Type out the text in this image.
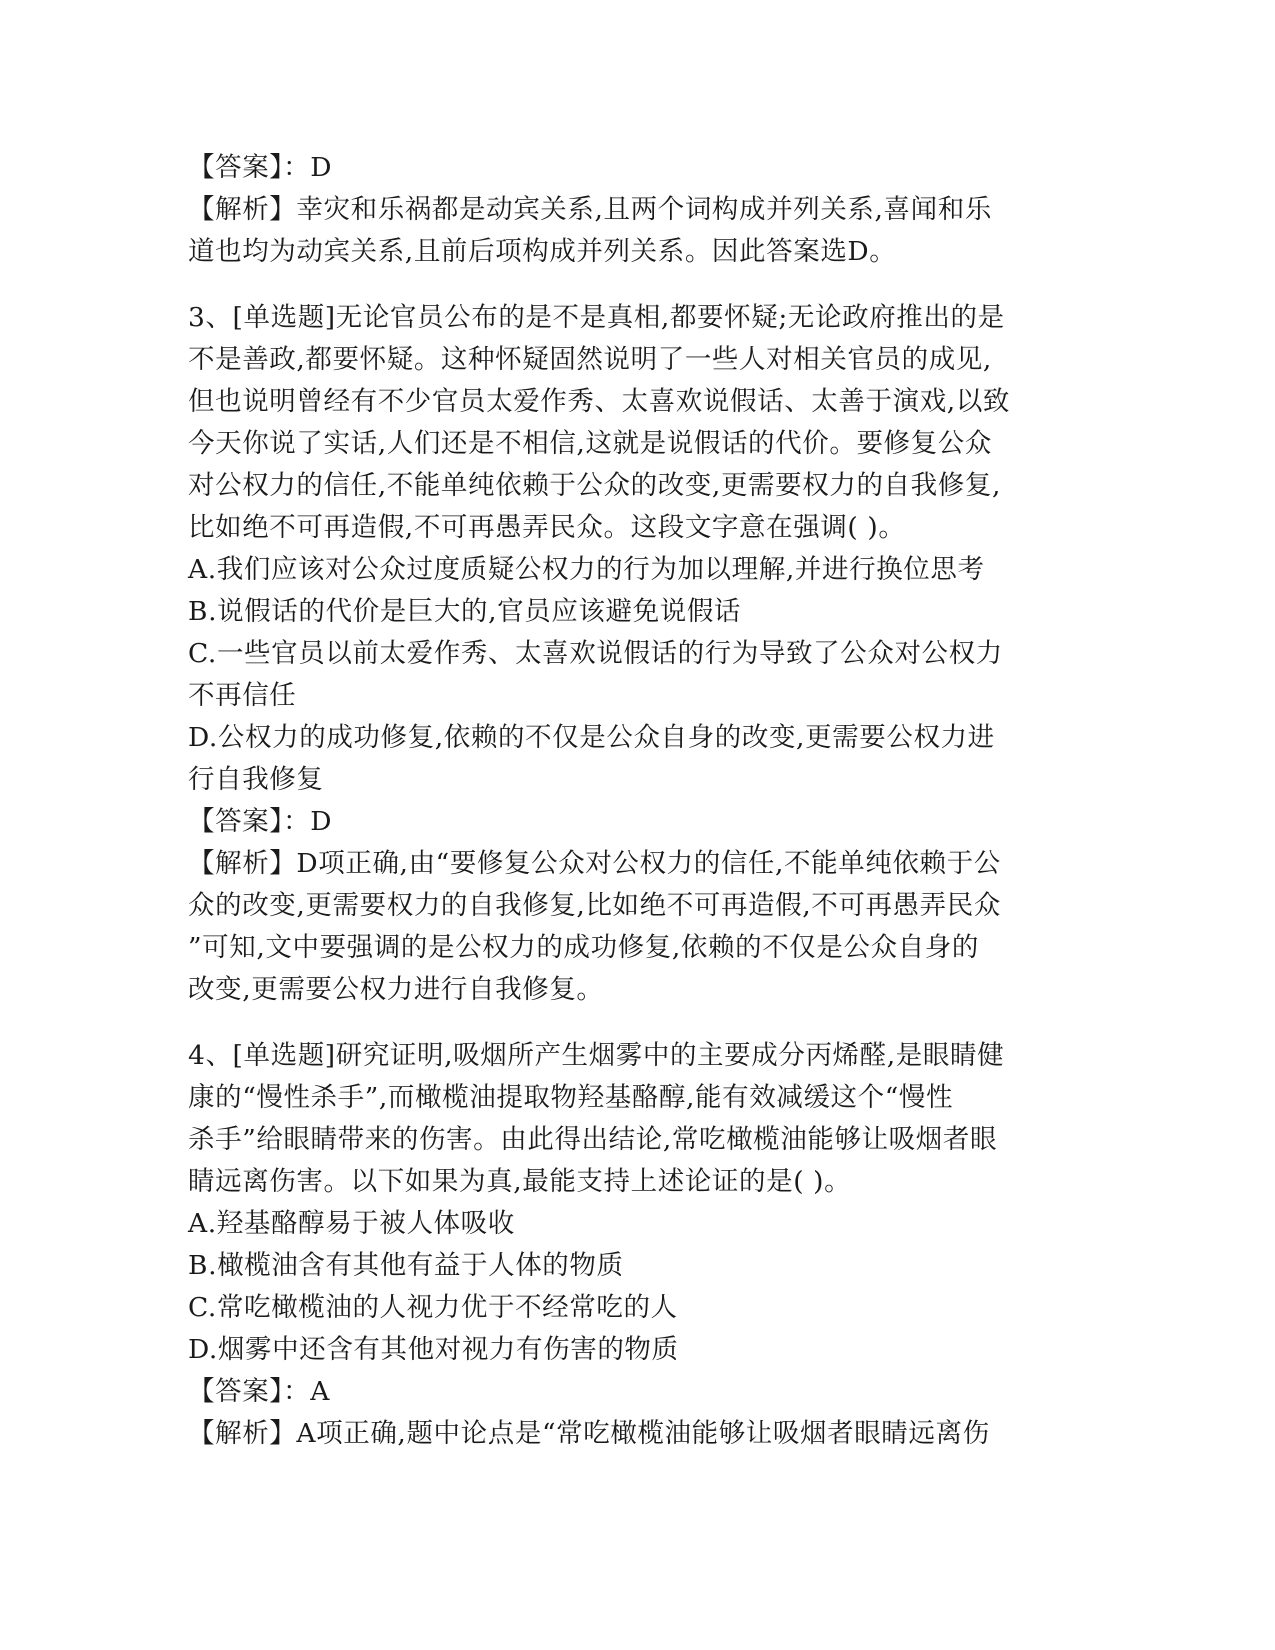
【答案】：D
【解析】幸灾和乐祸都是动宾关系,且两个词构成并列关系,喜闻和乐
道也均为动宾关系,且前后项构成并列关系。因此答案选D。
3、[单选题]无论官员公布的是不是真相,都要怀疑;无论政府推出的是
不是善政,都要怀疑。这种怀疑固然说明了一些人对相关官员的成见,
但也说明曾经有不少官员太爱作秀、太喜欢说假话、太善于演戏,以致
今天你说了实话,人们还是不相信,这就是说假话的代价。要修复公众
对公权力的信任,不能单纯依赖于公众的改变,更需要权力的自我修复,
比如绝不可再造假,不可再愚弄民众。这段文字意在强调( )。
A.我们应该对公众过度质疑公权力的行为加以理解,并进行换位思考
B.说假话的代价是巨大的,官员应该避免说假话
C.一些官员以前太爱作秀、太喜欢说假话的行为导致了公众对公权力
不再信任
D.公权力的成功修复,依赖的不仅是公众自身的改变,更需要公权力进
行自我修复
【答案】：D
【解析】D项正确,由“要修复公众对公权力的信任,不能单纯依赖于公
众的改变,更需要权力的自我修复,比如绝不可再造假,不可再愚弄民众
”可知,文中要强调的是公权力的成功修复,依赖的不仅是公众自身的
改变,更需要公权力进行自我修复。
4、[单选题]研究证明,吸烟所产生烟雾中的主要成分丙烯醛,是眼睛健
康的“慢性杀手”,而橄榄油提取物羟基酪醇,能有效减缓这个“慢性
杀手”给眼睛带来的伤害。由此得出结论,常吃橄榄油能够让吸烟者眼
睛远离伤害。以下如果为真,最能支持上述论证的是( )。
A.羟基酪醇易于被人体吸收
B.橄榄油含有其他有益于人体的物质
C.常吃橄榄油的人视力优于不经常吃的人
D.烟雾中还含有其他对视力有伤害的物质
【答案】：A
【解析】A项正确,题中论点是“常吃橄榄油能够让吸烟者眼睛远离伤
